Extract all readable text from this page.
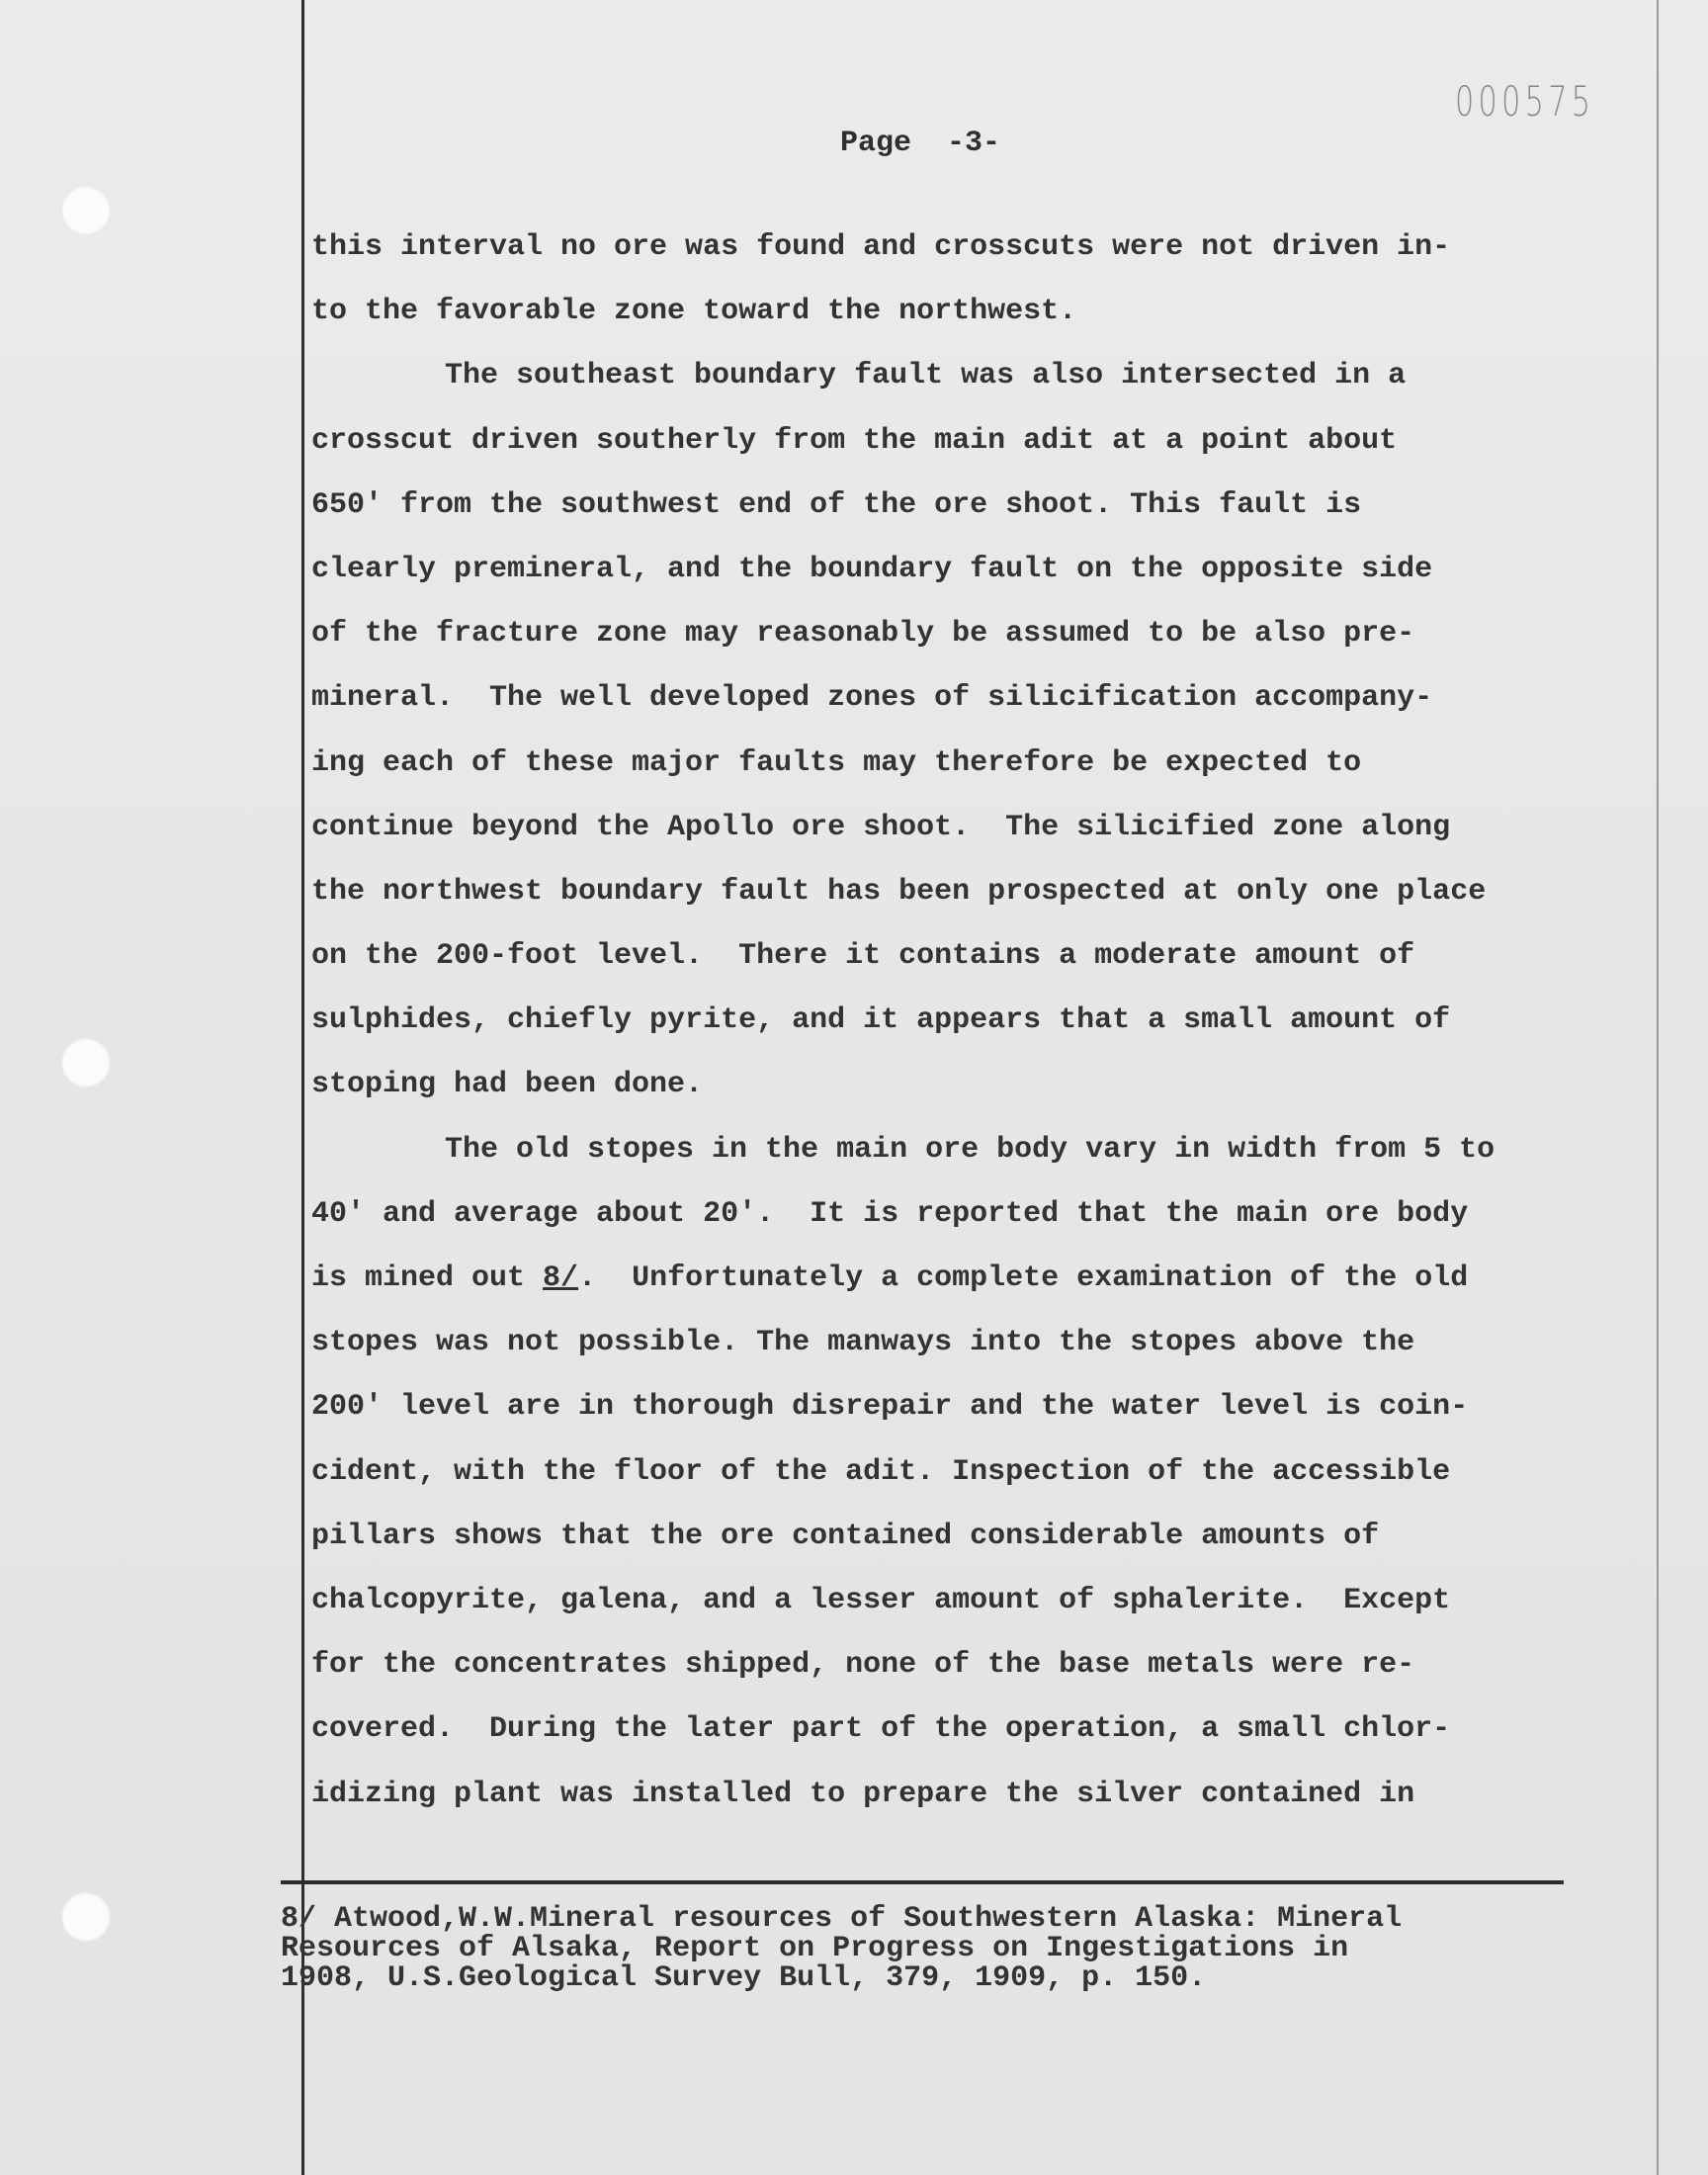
000575
Page  -3-
this interval no ore was found and crosscuts were not driven in-
to the favorable zone toward the northwest.
The southeast boundary fault was also intersected in a
crosscut driven southerly from the main adit at a point about
650' from the southwest end of the ore shoot. This fault is
clearly premineral, and the boundary fault on the opposite side
of the fracture zone may reasonably be assumed to be also pre-
mineral.  The well developed zones of silicification accompany-
ing each of these major faults may therefore be expected to
continue beyond the Apollo ore shoot.  The silicified zone along
the northwest boundary fault has been prospected at only one place
on the 200-foot level.  There it contains a moderate amount of
sulphides, chiefly pyrite, and it appears that a small amount of
stoping had been done.
The old stopes in the main ore body vary in width from 5 to
40' and average about 20'.  It is reported that the main ore body
is mined out 8/.  Unfortunately a complete examination of the old
stopes was not possible. The manways into the stopes above the
200' level are in thorough disrepair and the water level is coin-
cident, with the floor of the adit. Inspection of the accessible
pillars shows that the ore contained considerable amounts of
chalcopyrite, galena, and a lesser amount of sphalerite.  Except
for the concentrates shipped, none of the base metals were re-
covered.  During the later part of the operation, a small chlor-
idizing plant was installed to prepare the silver contained in
8/ Atwood,W.W.Mineral resources of Southwestern Alaska: Mineral
Resources of Alsaka, Report on Progress on Ingestigations in
1908, U.S.Geological Survey Bull, 379, 1909, p. 150.
